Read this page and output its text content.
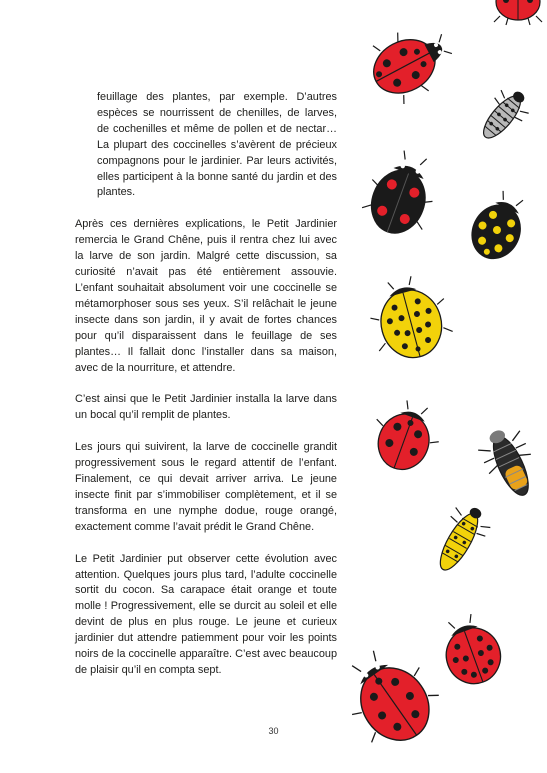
feuillage des plantes, par exemple. D’autres espèces se nourrissent de chenilles, de larves, de cochenilles et même de pollen et de nectar… La plupart des coccinelles s’avèrent de précieux compagnons pour le jardinier. Par leurs activités, elles participent à la bonne santé du jardin et des plantes.

Après ces dernières explications, le Petit Jardinier remercia le Grand Chêne, puis il rentra chez lui avec la larve de son jardin. Malgré cette discussion, sa curiosité n’avait pas été entièrement assouvie. L’enfant souhaitait absolument voir une coccinelle se métamorphoser sous ses yeux. S’il relâchait le jeune insecte dans son jardin, il y avait de fortes chances pour qu’il disparaissent dans le feuillage de ses plantes… Il fallait donc l’installer dans sa maison, avec de la nourriture, et attendre.

C’est ainsi que le Petit Jardinier installa la larve dans un bocal qu’il remplit de plantes.

Les jours qui suivirent, la larve de coccinelle grandit progressivement sous le regard attentif de l’enfant. Finalement, ce qui devait arriver arriva. Le jeune insecte finit par s’immobiliser complètement, et il se transforma en une nymphe dodue, rouge orangé, exactement comme l’avait prédit le Grand Chêne.

Le Petit Jardinier put observer cette évolution avec attention. Quelques jours plus tard, l’adulte coccinelle sortit du cocon. Sa carapace était orange et toute molle ! Progressivement, elle se durcit au soleil et elle devint de plus en plus rouge. Le jeune et curieux jardinier dut attendre patiemment pour voir les points noirs de la coccinelle apparaître. C’est avec beaucoup de plaisir qu’il en compta sept.

30
